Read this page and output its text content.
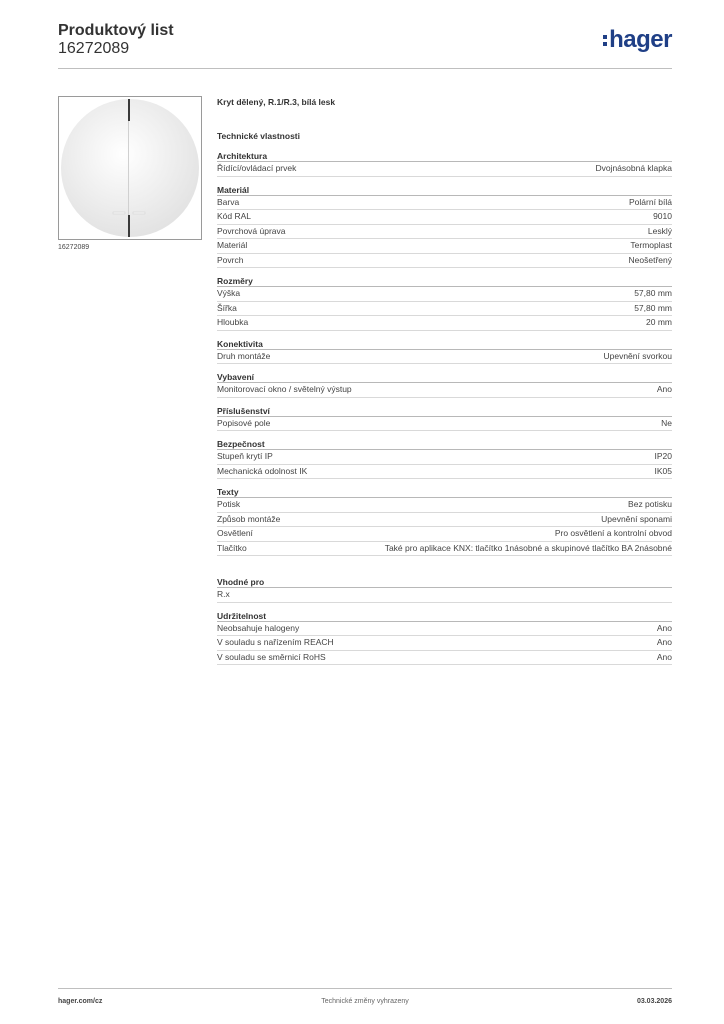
Produktový list
16272089	hager
16272089
Kryt dělený, R.1/R.3, bílá lesk
Technické vlastnosti
Architektura
Řídící/ovládací prvek	Dvojnásobná klapka
Materiál
Barva	Polární bílá
Kód RAL	9010
Povrchová úprava	Lesklý
Materiál	Termoplast
Povrch	Neošetřený
Rozměry
Výška	57,80 mm
Šířka	57,80 mm
Hloubka	20 mm
Konektivita
Druh montáže	Upevnění svorkou
Vybavení
Monitorovací okno / světelný výstup	Ano
Příslušenství
Popisové pole	Ne
Bezpečnost
Stupeň krytí IP	IP20
Mechanická odolnost IK	IK05
Texty
Potisk	Bez potisku
Způsob montáže	Upevnění sponami
Osvětlení	Pro osvětlení a kontrolní obvod
Tlačítko	Také pro aplikace KNX: tlačítko 1násobné a skupinové tlačítko BA 2násobné
Vhodné pro
R.x
Udržitelnost
Neobsahuje halogeny	Ano
V souladu s nařízením REACH	Ano
V souladu se směrnicí RoHS	Ano
hager.com/cz	Technické změny vyhrazeny	03.03.2026
